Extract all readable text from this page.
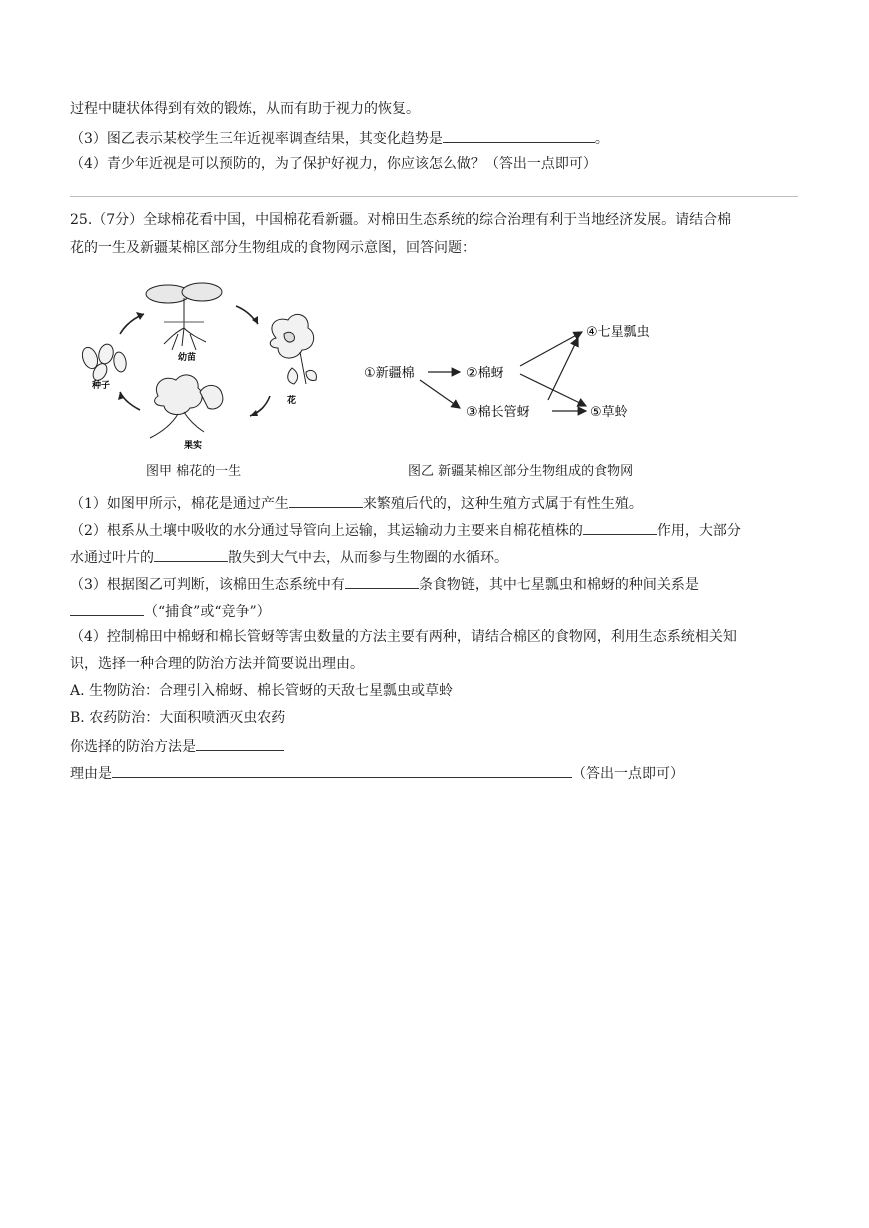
过程中睫状体得到有效的锻炼，从而有助于视力的恢复。
（3）图乙表示某校学生三年近视率调查结果，其变化趋势是	。
（4）青少年近视是可以预防的，为了保护好视力，你应该怎么做？（答出一点即可）
25.（7分）全球棉花看中国，中国棉花看新疆。对棉田生态系统的综合治理有利于当地经济发展。请结合棉
花的一生及新疆某棉区部分生物组成的食物网示意图，回答问题：
幼苗
花
果实
种子
图甲 棉花的一生
①新疆棉	②棉蚜
③棉长管蚜
④七星瓢虫
⑤草蛉
图乙 新疆某棉区部分生物组成的食物网
（1）如图甲所示，棉花是通过产生	来繁殖后代的，这种生殖方式属于有性生殖。
（2）根系从土壤中吸收的水分通过导管向上运输，其运输动力主要来自棉花植株的	作用，大部分
水通过叶片的	散失到大气中去，从而参与生物圈的水循环。
（3）根据图乙可判断，该棉田生态系统中有	条食物链，其中七星瓢虫和棉蚜的种间关系是
（“捕食”或“竞争”）
（4）控制棉田中棉蚜和棉长管蚜等害虫数量的方法主要有两种，请结合棉区的食物网，利用生态系统相关知
识，选择一种合理的防治方法并简要说出理由。
A. 生物防治：合理引入棉蚜、棉长管蚜的天敌七星瓢虫或草蛉
B. 农药防治：大面积喷洒灭虫农药
你选择的防治方法是
理由是	（答出一点即可）
